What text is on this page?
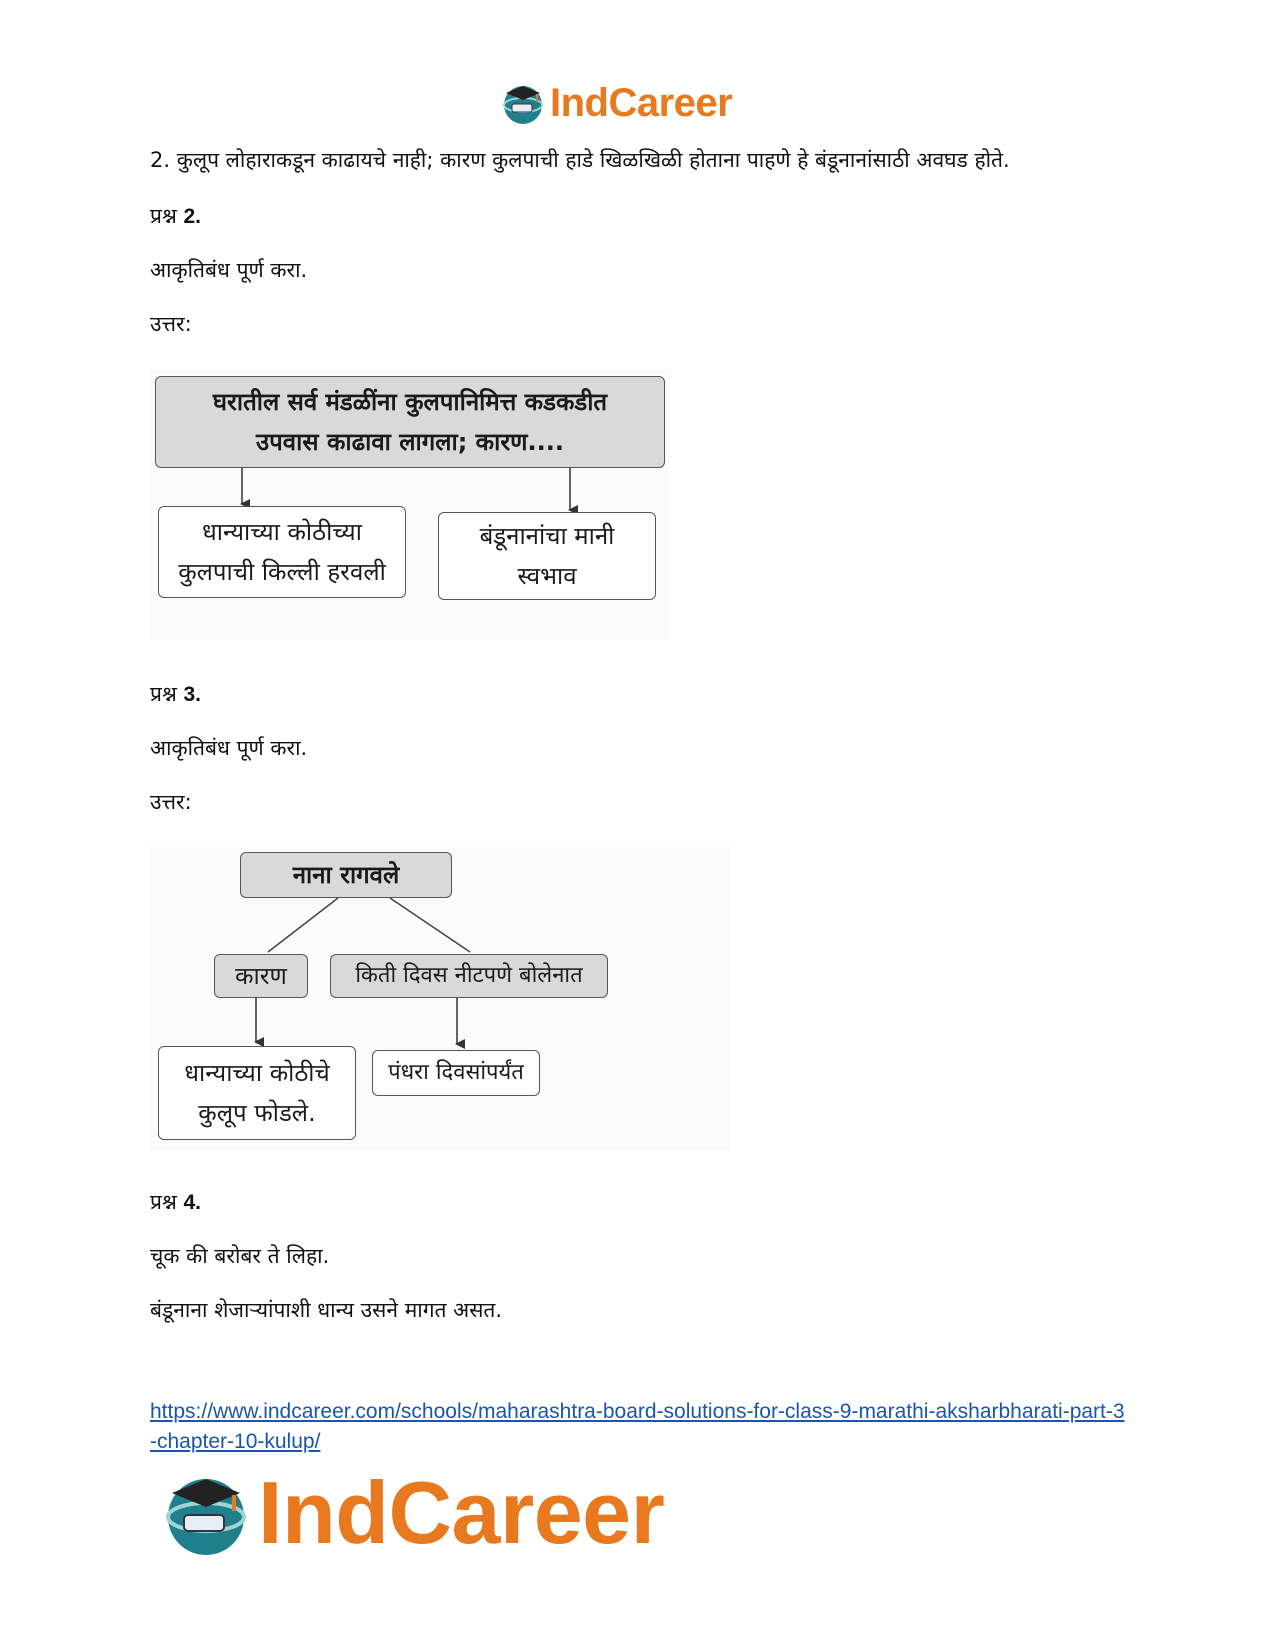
IndCareer
2. कुलूप लोहाराकडून काढायचे नाही; कारण कुलपाची हाडे खिळखिळी होताना पाहणे हे बंडूनानांसाठी अवघड होते.
प्रश्न 2.
आकृतिबंध पूर्ण करा.
उत्तर:
घरातील सर्व मंडळींना कुलपानिमित्त कडकडीत
उपवास काढावा लागला; कारण....
धान्याच्या कोठीच्या
कुलपाची किल्ली हरवली
बंडूनानांचा मानी
स्वभाव
प्रश्न 3.
आकृतिबंध पूर्ण करा.
उत्तर:
नाना रागवले
कारण	किती दिवस नीटपणे बोलेनात
धान्याच्या कोठीचे
कुलूप फोडले.
पंधरा दिवसांपर्यंत
प्रश्न 4.
चूक की बरोबर ते लिहा.
बंडूनाना शेजाऱ्यांपाशी धान्य उसने मागत असत.
https://www.indcareer.com/schools/maharashtra-board-solutions-for-class-9-marathi-aksharbharati-part-3-chapter-10-kulup/
IndCareer
